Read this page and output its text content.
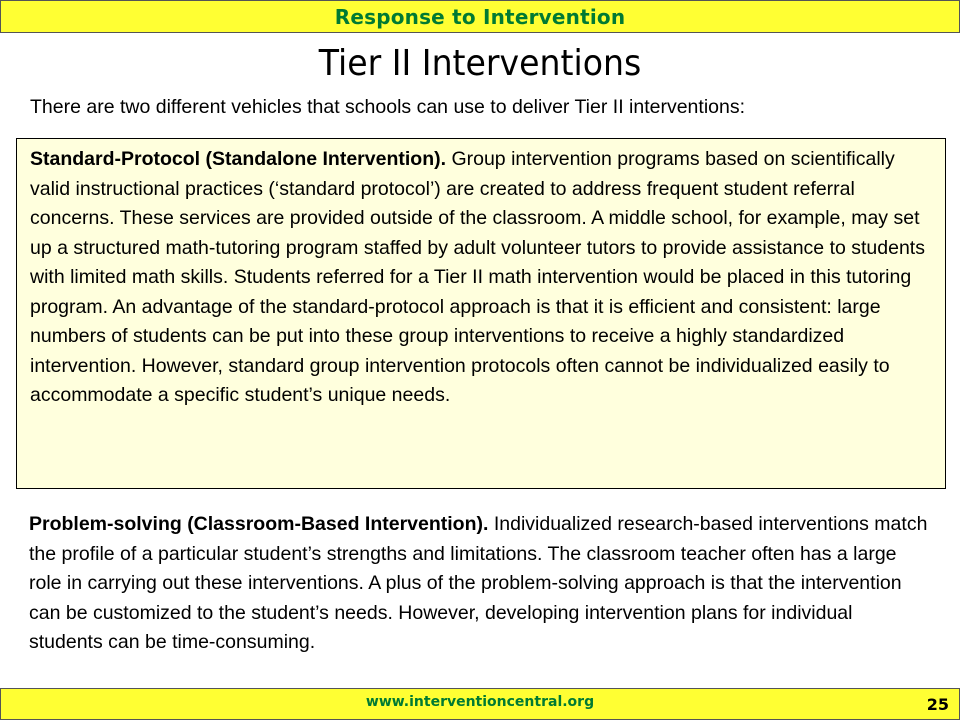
Response to Intervention
Tier II Interventions
There are two different vehicles that schools can use to deliver Tier II interventions:
Standard-Protocol (Standalone Intervention). Group intervention programs based on scientifically valid instructional practices (‘standard protocol’) are created to address frequent student referral concerns. These services are provided outside of the classroom. A middle school, for example, may set up a structured math-tutoring program staffed by adult volunteer tutors to provide assistance to students with limited math skills. Students referred for a Tier II math intervention would be placed in this tutoring program. An advantage of the standard-protocol approach is that it is efficient and consistent: large numbers of students can be put into these group interventions to receive a highly standardized intervention. However, standard group intervention protocols often cannot be individualized easily to accommodate a specific student’s unique needs.
Problem-solving (Classroom-Based Intervention). Individualized research-based interventions match the profile of a particular student’s strengths and limitations. The classroom teacher often has a large role in carrying out these interventions. A plus of the problem-solving approach is that the intervention can be customized to the student’s needs. However, developing intervention plans for individual students can be time-consuming.
www.interventioncentral.org	25
